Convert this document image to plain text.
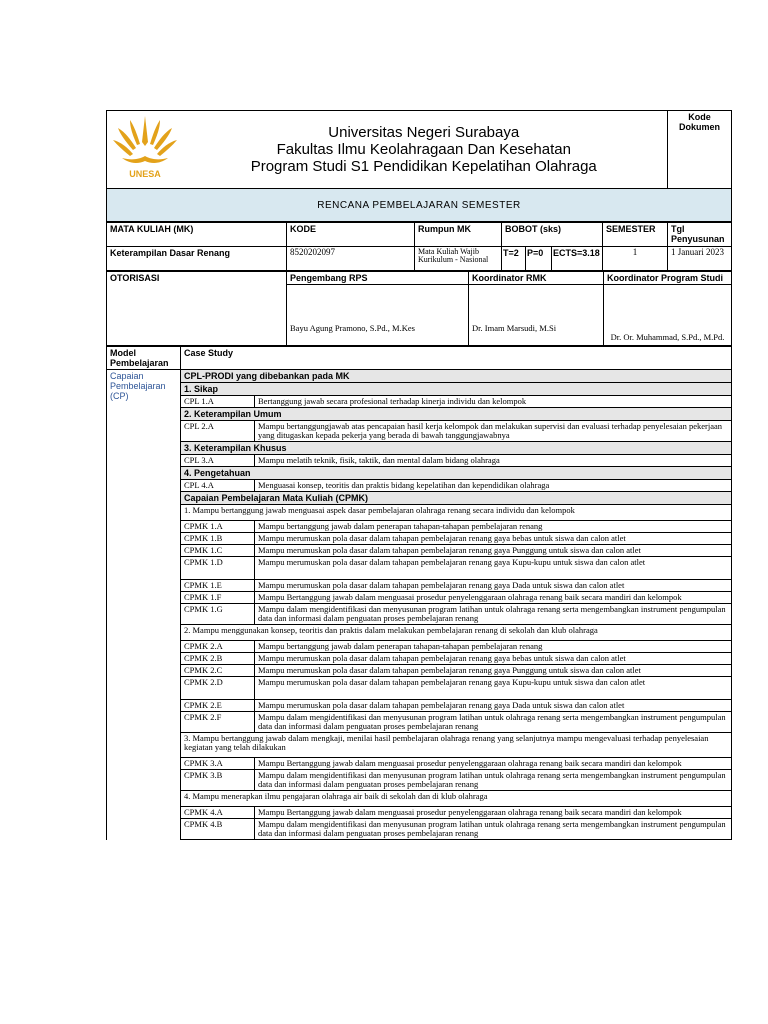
UNESA

Universitas Negeri Surabaya
Fakultas Ilmu Keolahragaan Dan Kesehatan
Program Studi S1 Pendidikan Kepelatihan Olahraga
	Kode Dokumen
RENCANA PEMBELAJARAN SEMESTER
MATA KULIAH (MK)	KODE	Rumpun MK	BOBOT (sks)			SEMESTER	Tgl Penyusunan
Keterampilan Dasar Renang	8520202097	Mata Kuliah Wajib Kurikulum - Nasional	T=2	P=0	ECTS=3.18	1	1 Januari 2023
OTORISASI	Pengembang RPS	Koordinator RMK	Koordinator Program Studi
	Bayu Agung Pramono, S.Pd., M.Kes	Dr. Imam Marsudi, M.Si	Dr. Or. Muhammad, S.Pd., M.Pd.
Model Pembelajaran	Case Study	
Capaian Pembelajaran (CP)	CPL-PRODI yang dibebankan pada MK	
	1. Sikap	
	CPL 1.A	Bertanggung jawab secara profesional terhadap kinerja individu dan kelompok
	2. Keterampilan Umum	
	CPL 2.A	Mampu bertanggungjawab atas pencapaian hasil kerja kelompok dan melakukan supervisi dan evaluasi terhadap penyelesaian pekerjaan yang ditugaskan kepada pekerja yang berada di bawah tanggungjawabnya
	3. Keterampilan Khusus	
	CPL 3.A	Mampu melatih teknik, fisik, taktik, dan mental dalam bidang olahraga
	4. Pengetahuan	
	CPL 4.A	Menguasai konsep, teoritis dan praktis bidang kepelatihan dan kependidikan olahraga
	Capaian Pembelajaran Mata Kuliah (CPMK)	
	1. Mampu bertanggung jawab menguasai aspek dasar pembelajaran olahraga renang secara individu dan kelompok	
	CPMK 1.A	Mampu bertanggung jawab dalam penerapan tahapan-tahapan pembelajaran renang
	CPMK 1.B	Mampu merumuskan pola dasar dalam tahapan pembelajaran renang gaya bebas untuk siswa dan calon atlet
	CPMK 1.C	Mampu merumuskan pola dasar dalam tahapan pembelajaran renang gaya Punggung untuk siswa dan calon atlet
	CPMK 1.D	Mampu merumuskan pola dasar dalam tahapan pembelajaran renang gaya Kupu-kupu untuk siswa dan calon atlet
	CPMK 1.E	Mampu merumuskan pola dasar dalam tahapan pembelajaran renang gaya Dada untuk siswa dan calon atlet
	CPMK 1.F	Mampu Bertanggung jawab dalam menguasai prosedur penyelenggaraan olahraga renang baik secara mandiri dan kelompok
	CPMK 1.G	Mampu dalam mengidentifikasi dan menyusunan program latihan untuk olahraga renang serta mengembangkan instrument pengumpulan data dan informasi dalam penguatan proses pembelajaran renang
	2. Mampu menggunakan konsep, teoritis dan praktis dalam melakukan pembelajaran renang di sekolah dan klub olahraga	
	CPMK 2.A	Mampu bertanggung jawab dalam penerapan tahapan-tahapan pembelajaran renang
	CPMK 2.B	Mampu merumuskan pola dasar dalam tahapan pembelajaran renang gaya bebas untuk siswa dan calon atlet
	CPMK 2.C	Mampu merumuskan pola dasar dalam tahapan pembelajaran renang gaya Punggung untuk siswa dan calon atlet
	CPMK 2.D	Mampu merumuskan pola dasar dalam tahapan pembelajaran renang gaya Kupu-kupu untuk siswa dan calon atlet
	CPMK 2.E	Mampu merumuskan pola dasar dalam tahapan pembelajaran renang gaya Dada untuk siswa dan calon atlet
	CPMK 2.F	Mampu dalam mengidentifikasi dan menyusunan program latihan untuk olahraga renang serta mengembangkan instrument pengumpulan data dan informasi dalam penguatan proses pembelajaran renang
	3. Mampu bertanggung jawab dalam mengkaji, menilai hasil pembelajaran olahraga renang yang selanjutnya mampu mengevaluasi terhadap penyelesaian kegiatan yang telah dilakukan	
	CPMK 3.A	Mampu Bertanggung jawab dalam menguasai prosedur penyelenggaraan olahraga renang baik secara mandiri dan kelompok
	CPMK 3.B	Mampu dalam mengidentifikasi dan menyusunan program latihan untuk olahraga renang serta mengembangkan instrument pengumpulan data dan informasi dalam penguatan proses pembelajaran renang
	4. Mampu menerapkan ilmu pengajaran olahraga air baik di sekolah dan di klub olahraga	
	CPMK 4.A	Mampu Bertanggung jawab dalam menguasai prosedur penyelenggaraan olahraga renang baik secara mandiri dan kelompok
	CPMK 4.B	Mampu dalam mengidentifikasi dan menyusunan program latihan untuk olahraga renang serta mengembangkan instrument pengumpulan data dan informasi dalam penguatan proses pembelajaran renang
